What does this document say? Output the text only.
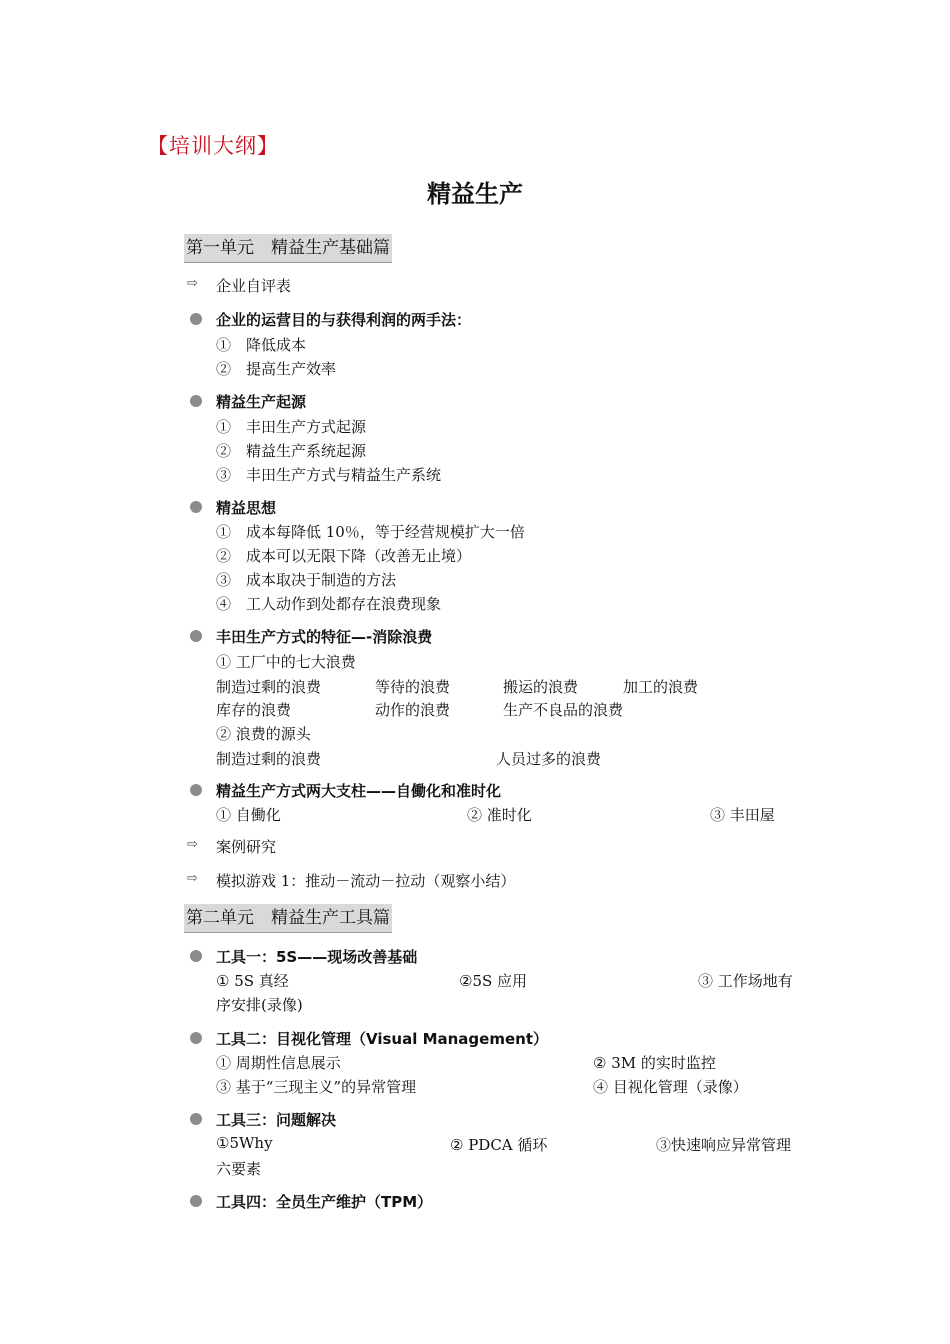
【培训大纲】
精益生产
第一单元　精益生产基础篇
⇨ 企业自评表
企业的运营目的与获得利润的两手法：
①　降低成本
②　提高生产效率
精益生产起源
①　丰田生产方式起源
②　精益生产系统起源
③　丰田生产方式与精益生产系统
精益思想
①　成本每降低 10％，等于经营规模扩大一倍
②　成本可以无限下降（改善无止境）
③　成本取决于制造的方法
④　工人动作到处都存在浪费现象
丰田生产方式的特征—-消除浪费
① 工厂中的七大浪费
制造过剩的浪费	等待的浪费	搬运的浪费	加工的浪费
库存的浪费	动作的浪费	生产不良品的浪费
② 浪费的源头
制造过剩的浪费	人员过多的浪费
精益生产方式两大支柱——自働化和准时化
① 自働化	② 准时化	③ 丰田屋
⇨ 案例研究
⇨ 模拟游戏 1：推动－流动－拉动（观察小结）
第二单元　精益生产工具篇
工具一：5S——现场改善基础
① 5S 真经	②5S 应用	③ 工作场地有
序安排(录像)
工具二：目视化管理（Visual Management）
① 周期性信息展示	② 3M 的实时监控
③ 基于“三现主义”的异常管理	④ 目视化管理（录像）
工具三：问题解决
①5Why	② PDCA 循环	③快速响应异常管理
六要素
工具四：全员生产维护（TPM）
